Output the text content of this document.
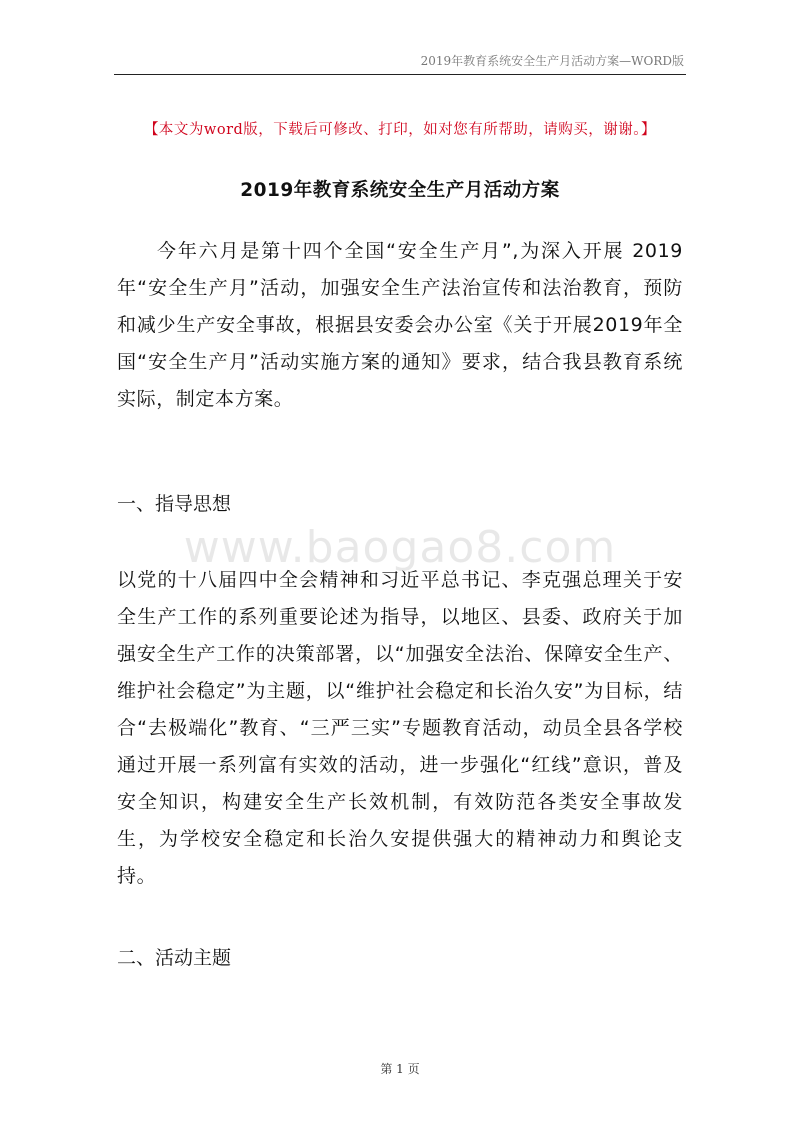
2019年教育系统安全生产月活动方案—WORD版
【本文为word版，下载后可修改、打印，如对您有所帮助，请购买，谢谢。】
2019年教育系统安全生产月活动方案
今年六月是第十四个全国“安全生产月”,为深入开展 2019 年“安全生产月”活动，加强安全生产法治宣传和法治教育，预防和减少生产安全事故，根据县安委会办公室《关于开展2019年全国“安全生产月”活动实施方案的通知》要求，结合我县教育系统实际，制定本方案。
一、指导思想
www.baogao8.com
以党的十八届四中全会精神和习近平总书记、李克强总理关于安全生产工作的系列重要论述为指导，以地区、县委、政府关于加强安全生产工作的决策部署，以“加强安全法治、保障安全生产、维护社会稳定”为主题，以“维护社会稳定和长治久安”为目标，结合“去极端化”教育、“三严三实”专题教育活动，动员全县各学校通过开展一系列富有实效的活动，进一步强化“红线”意识，普及安全知识，构建安全生产长效机制，有效防范各类安全事故发生，为学校安全稳定和长治久安提供强大的精神动力和舆论支持。
二、活动主题
第 1 页
